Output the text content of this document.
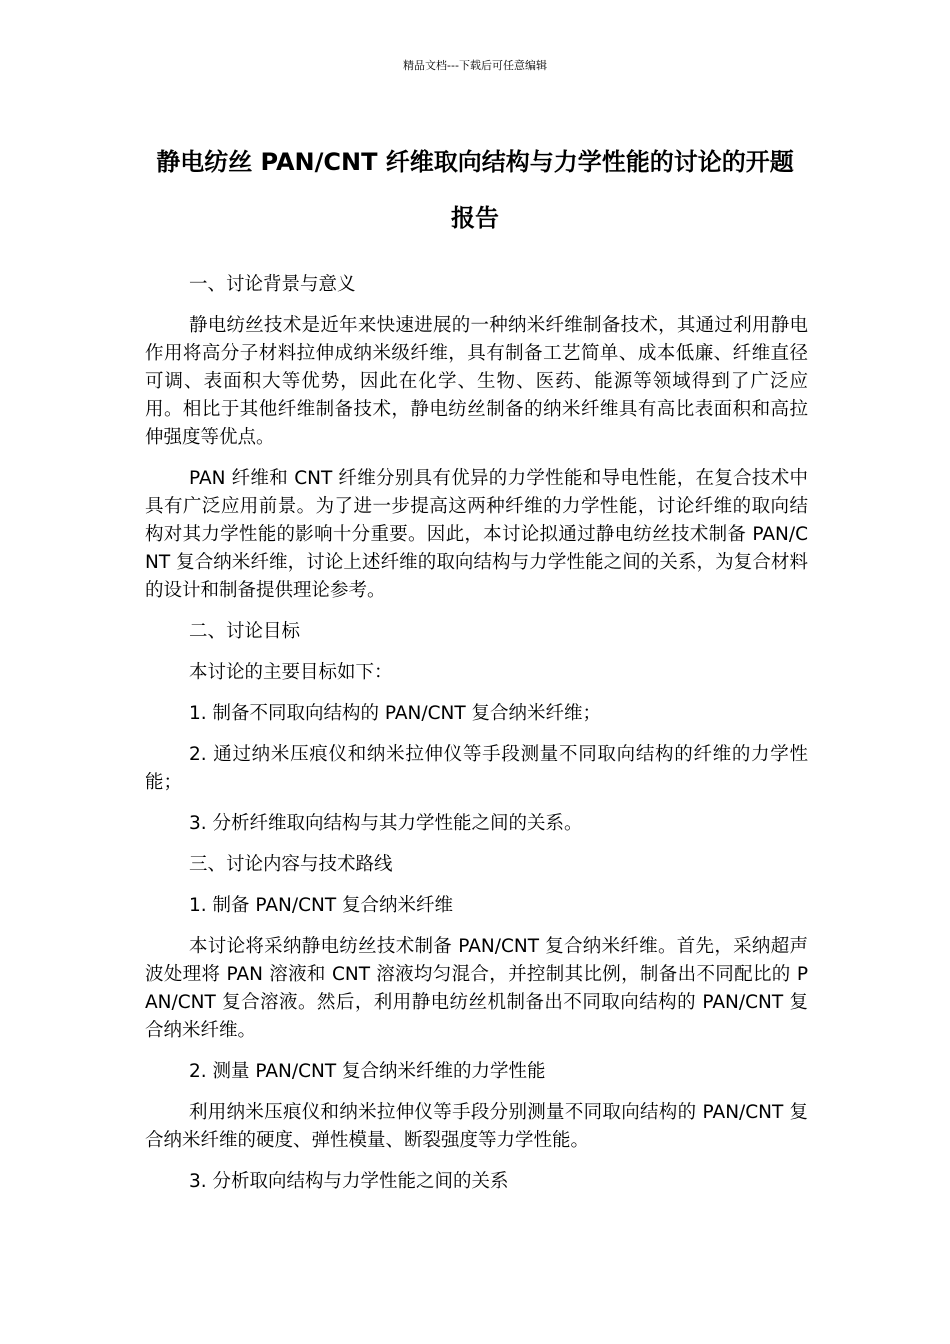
精品文档---下载后可任意编辑
静电纺丝 PAN/CNT 纤维取向结构与力学性能的讨论的开题报告

一、讨论背景与意义

静电纺丝技术是近年来快速进展的一种纳米纤维制备技术，其通过利用静电作用将高分子材料拉伸成纳米级纤维，具有制备工艺简单、成本低廉、纤维直径可调、表面积大等优势，因此在化学、生物、医药、能源等领域得到了广泛应用。相比于其他纤维制备技术，静电纺丝制备的纳米纤维具有高比表面积和高拉伸强度等优点。

PAN 纤维和 CNT 纤维分别具有优异的力学性能和导电性能，在复合技术中具有广泛应用前景。为了进一步提高这两种纤维的力学性能，讨论纤维的取向结构对其力学性能的影响十分重要。因此，本讨论拟通过静电纺丝技术制备 PAN/CNT 复合纳米纤维，讨论上述纤维的取向结构与力学性能之间的关系，为复合材料的设计和制备提供理论参考。

二、讨论目标

本讨论的主要目标如下：

1. 制备不同取向结构的 PAN/CNT 复合纳米纤维；

2. 通过纳米压痕仪和纳米拉伸仪等手段测量不同取向结构的纤维的力学性能；

3. 分析纤维取向结构与其力学性能之间的关系。

三、讨论内容与技术路线

1. 制备 PAN/CNT 复合纳米纤维

本讨论将采纳静电纺丝技术制备 PAN/CNT 复合纳米纤维。首先，采纳超声波处理将 PAN 溶液和 CNT 溶液均匀混合，并控制其比例，制备出不同配比的 PAN/CNT 复合溶液。然后，利用静电纺丝机制备出不同取向结构的 PAN/CNT 复合纳米纤维。

2. 测量 PAN/CNT 复合纳米纤维的力学性能

利用纳米压痕仪和纳米拉伸仪等手段分别测量不同取向结构的 PAN/CNT 复合纳米纤维的硬度、弹性模量、断裂强度等力学性能。

3. 分析取向结构与力学性能之间的关系
